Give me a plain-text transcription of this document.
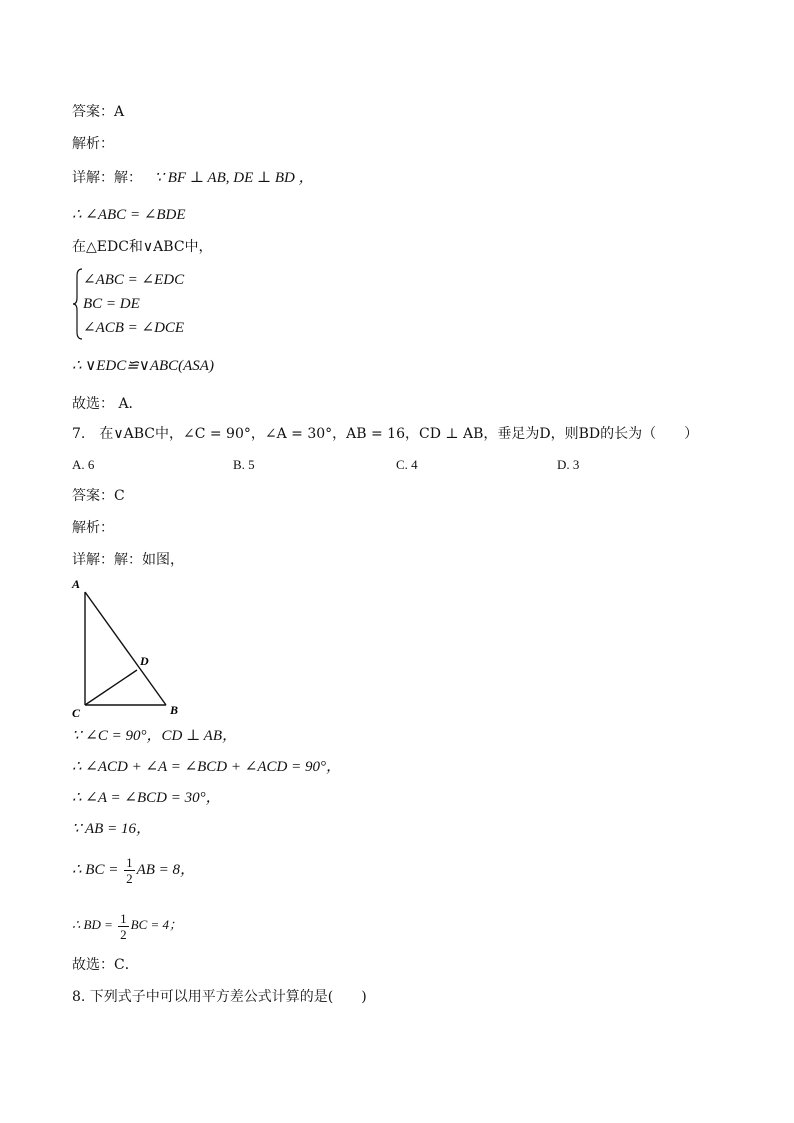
答案：A
解析：
详解：解： ∵ BF ⊥ AB, DE ⊥ BD ，
∴ ∠ABC = ∠BDE
在△EDC和∨ABC中，
∠ABC = ∠EDC
BC = DE
∠ACB = ∠DCE
∴ ∨EDC≌∨ABC(ASA)
故选： A．
7.　在∨ABC中，∠C = 90°，∠A = 30°，AB = 16，CD ⊥ AB，垂足为D，则BD的长为（　　）
A. 6	B. 5	C. 4	D. 3
答案：C
解析：
详解：解：如图，
A
C	B
D
∵ ∠C = 90°，CD ⊥ AB，
∴ ∠ACD + ∠A = ∠BCD + ∠ACD = 90°，
∴ ∠A = ∠BCD = 30°，
∵ AB = 16，
∴ BC = $\frac{1}{2}$ AB = 8，
∴ BD = $\frac{1}{2}$ BC = 4；
故选：C．
8. 下列式子中可以用平方差公式计算的是(　　)
